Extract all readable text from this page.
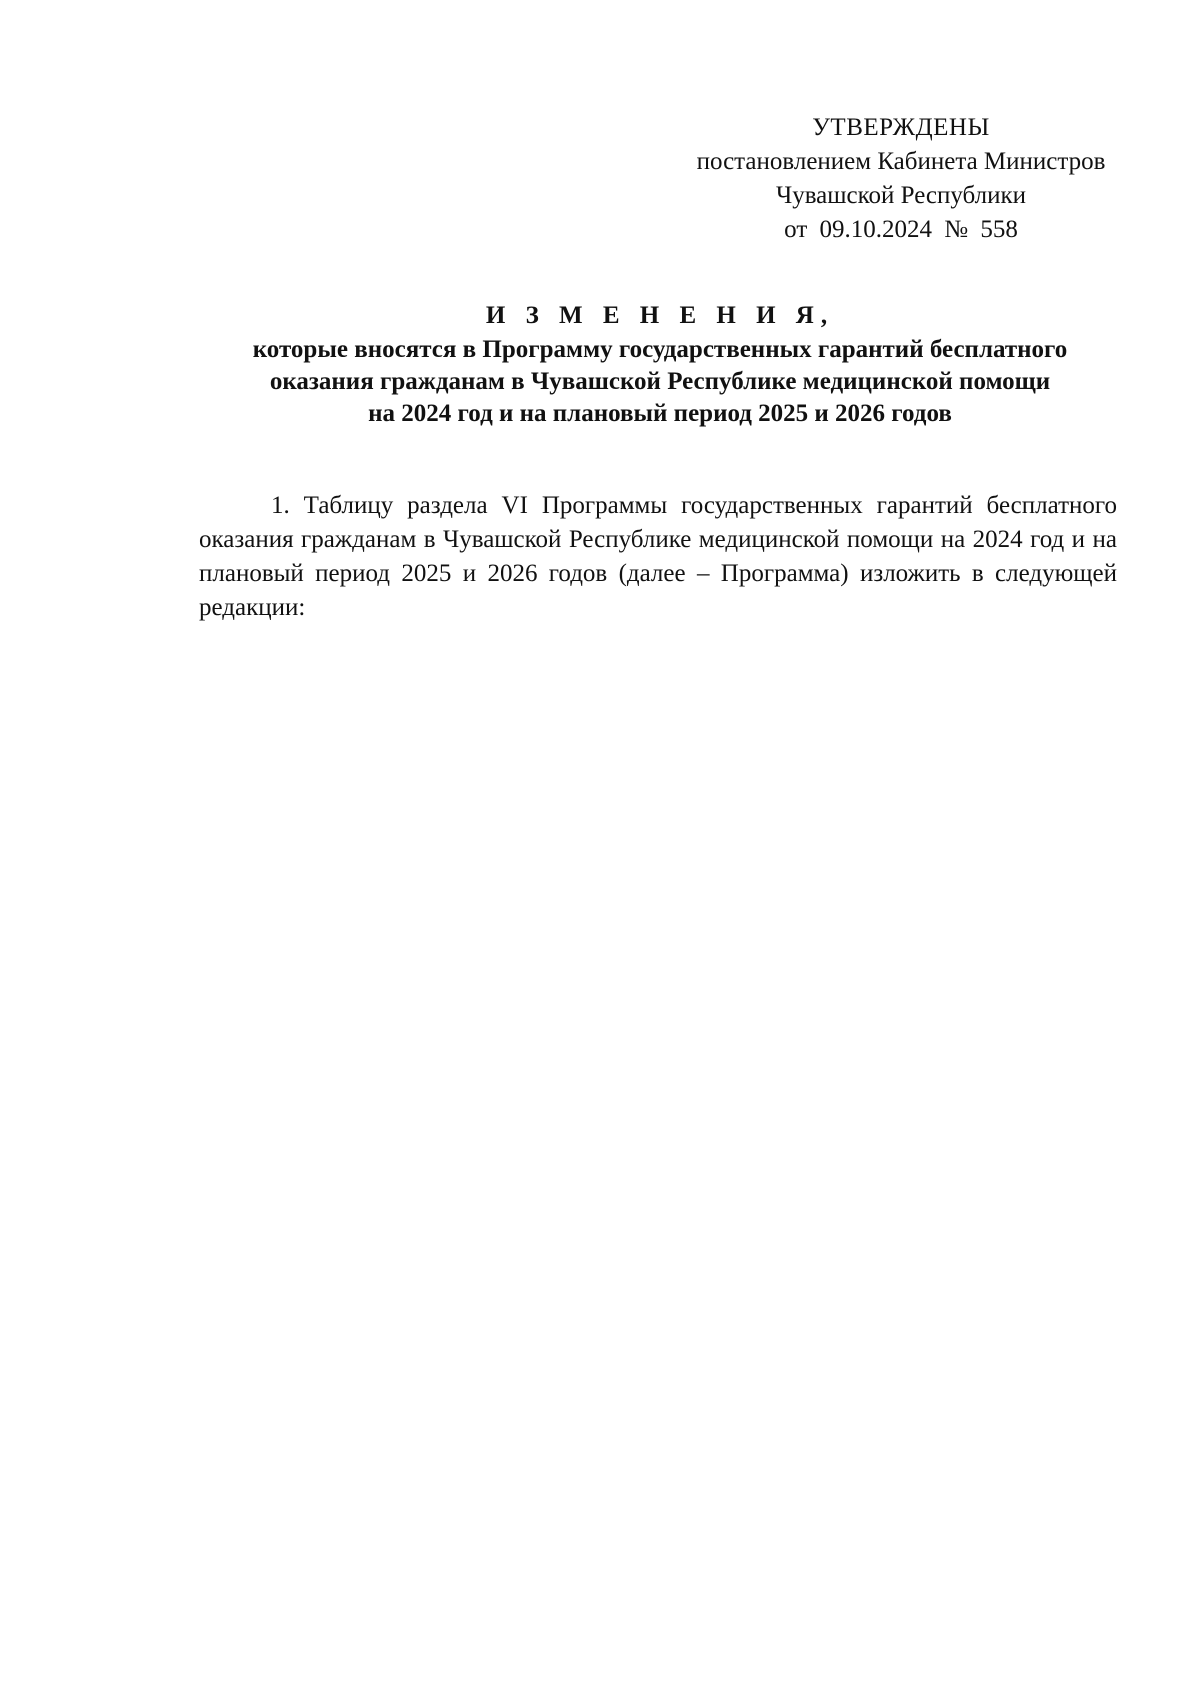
УТВЕРЖДЕНЫ
постановлением Кабинета Министров
Чувашской Республики
от 09.10.2024 № 558
И З М Е Н Е Н И Я,
которые вносятся в Программу государственных гарантий бесплатного
оказания гражданам в Чувашской Республике медицинской помощи
на 2024 год и на плановый период 2025 и 2026 годов

1. Таблицу раздела VI Программы государственных гарантий бесплатного оказания гражданам в Чувашской Республике медицинской помощи на 2024 год и на плановый период 2025 и 2026 годов (далее – Программа) изложить в следующей редакции:
